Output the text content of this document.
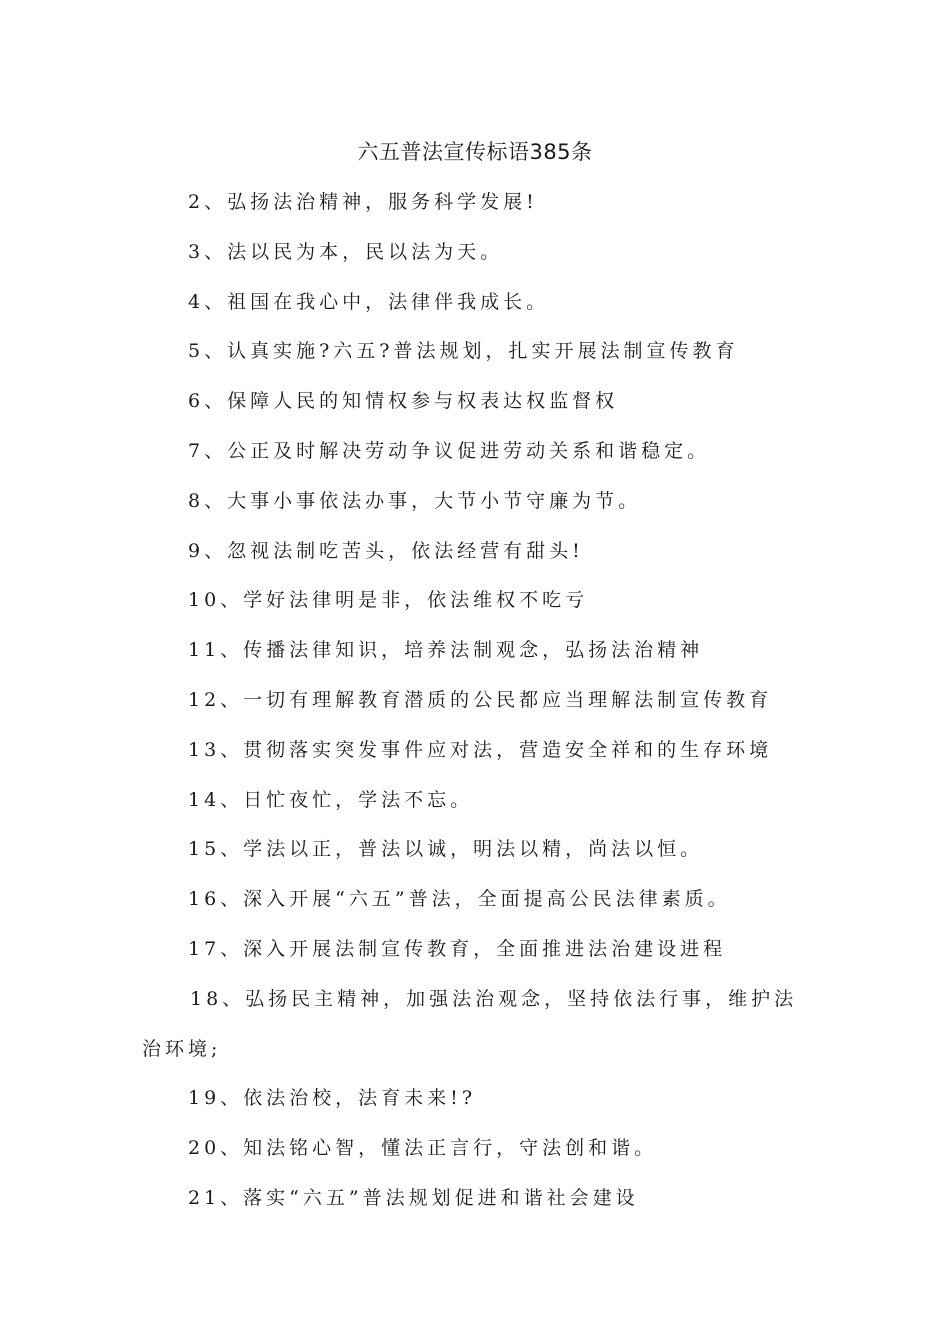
六五普法宣传标语385条
2、弘扬法治精神，服务科学发展!
3、法以民为本，民以法为天。
4、祖国在我心中，法律伴我成长。
5、认真实施?六五?普法规划，扎实开展法制宣传教育
6、保障人民的知情权参与权表达权监督权
7、公正及时解决劳动争议促进劳动关系和谐稳定。
8、大事小事依法办事，大节小节守廉为节。
9、忽视法制吃苦头，依法经营有甜头!
10、学好法律明是非，依法维权不吃亏
11、传播法律知识，培养法制观念，弘扬法治精神
12、一切有理解教育潜质的公民都应当理解法制宣传教育
13、贯彻落实突发事件应对法，营造安全祥和的生存环境
14、日忙夜忙，学法不忘。
15、学法以正，普法以诚，明法以精，尚法以恒。
16、深入开展“六五”普法，全面提高公民法律素质。
17、深入开展法制宣传教育，全面推进法治建设进程
18、弘扬民主精神，加强法治观念，坚持依法行事，维护法治环境;
19、依法治校，法育未来!?
20、知法铭心智，懂法正言行，守法创和谐。
21、落实“六五”普法规划促进和谐社会建设
